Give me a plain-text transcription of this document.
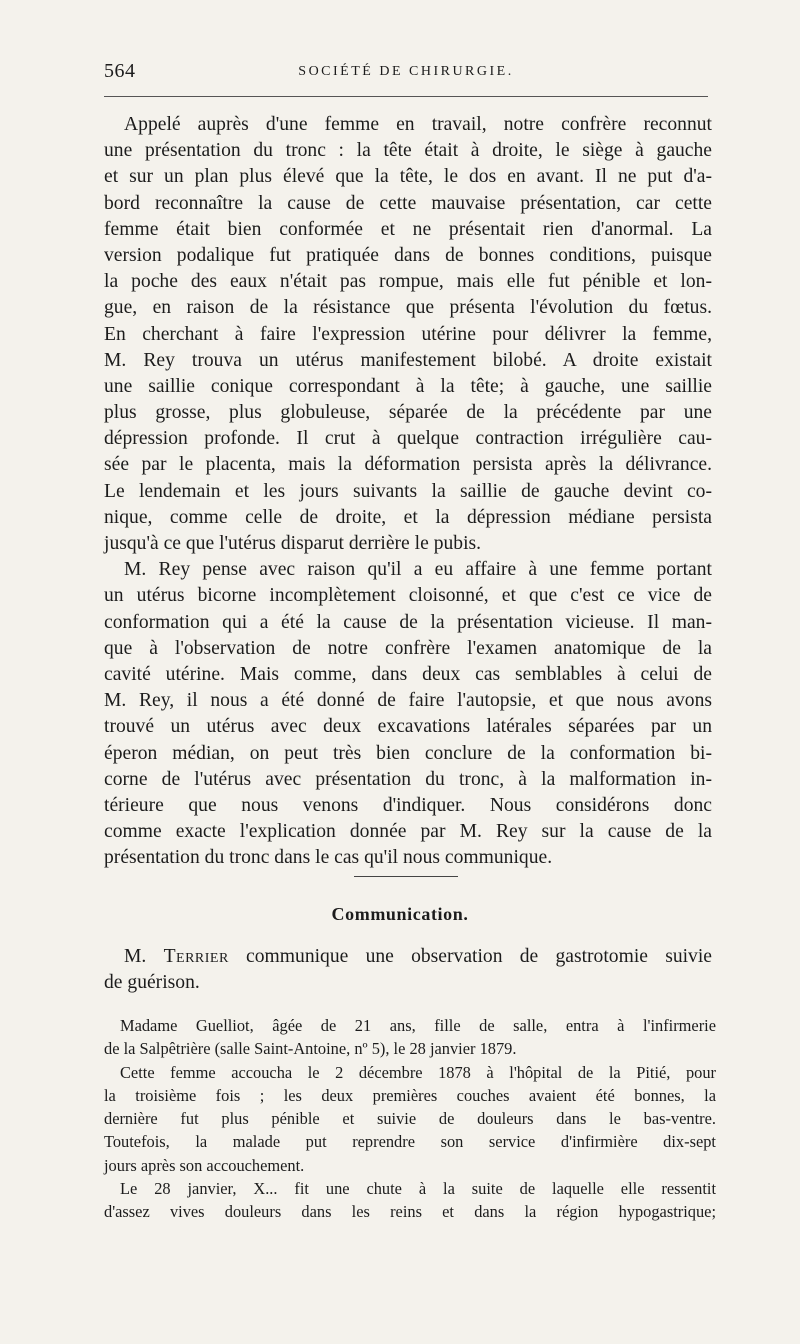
564	SOCIÉTÉ DE CHIRURGIE.
Appelé auprès d'une femme en travail, notre confrère reconnut
une présentation du tronc : la tête était à droite, le siège à gauche
et sur un plan plus élevé que la tête, le dos en avant. Il ne put d'a-
bord reconnaître la cause de cette mauvaise présentation, car cette
femme était bien conformée et ne présentait rien d'anormal. La
version podalique fut pratiquée dans de bonnes conditions, puisque
la poche des eaux n'était pas rompue, mais elle fut pénible et lon-
gue, en raison de la résistance que présenta l'évolution du fœtus.
En cherchant à faire l'expression utérine pour délivrer la femme,
M. Rey trouva un utérus manifestement bilobé. A droite existait
une saillie conique correspondant à la tête; à gauche, une saillie
plus grosse, plus globuleuse, séparée de la précédente par une
dépression profonde. Il crut à quelque contraction irrégulière cau-
sée par le placenta, mais la déformation persista après la délivrance.
Le lendemain et les jours suivants la saillie de gauche devint co-
nique, comme celle de droite, et la dépression médiane persista
jusqu'à ce que l'utérus disparut derrière le pubis.
M. Rey pense avec raison qu'il a eu affaire à une femme portant
un utérus bicorne incomplètement cloisonné, et que c'est ce vice de
conformation qui a été la cause de la présentation vicieuse. Il man-
que à l'observation de notre confrère l'examen anatomique de la
cavité utérine. Mais comme, dans deux cas semblables à celui de
M. Rey, il nous a été donné de faire l'autopsie, et que nous avons
trouvé un utérus avec deux excavations latérales séparées par un
éperon médian, on peut très bien conclure de la conformation bi-
corne de l'utérus avec présentation du tronc, à la malformation in-
térieure que nous venons d'indiquer. Nous considérons donc
comme exacte l'explication donnée par M. Rey sur la cause de la
présentation du tronc dans le cas qu'il nous communique.
Communication.
M. Terrier communique une observation de gastrotomie suivie
de guérison.
Madame Guelliot, âgée de 21 ans, fille de salle, entra à l'infirmerie
de la Salpêtrière (salle Saint-Antoine, nº 5), le 28 janvier 1879.
Cette femme accoucha le 2 décembre 1878 à l'hôpital de la Pitié, pour
la troisième fois ; les deux premières couches avaient été bonnes, la
dernière fut plus pénible et suivie de douleurs dans le bas-ventre.
Toutefois, la malade put reprendre son service d'infirmière dix-sept
jours après son accouchement.
Le 28 janvier, X... fit une chute à la suite de laquelle elle ressentit
d'assez vives douleurs dans les reins et dans la région hypogastrique;
